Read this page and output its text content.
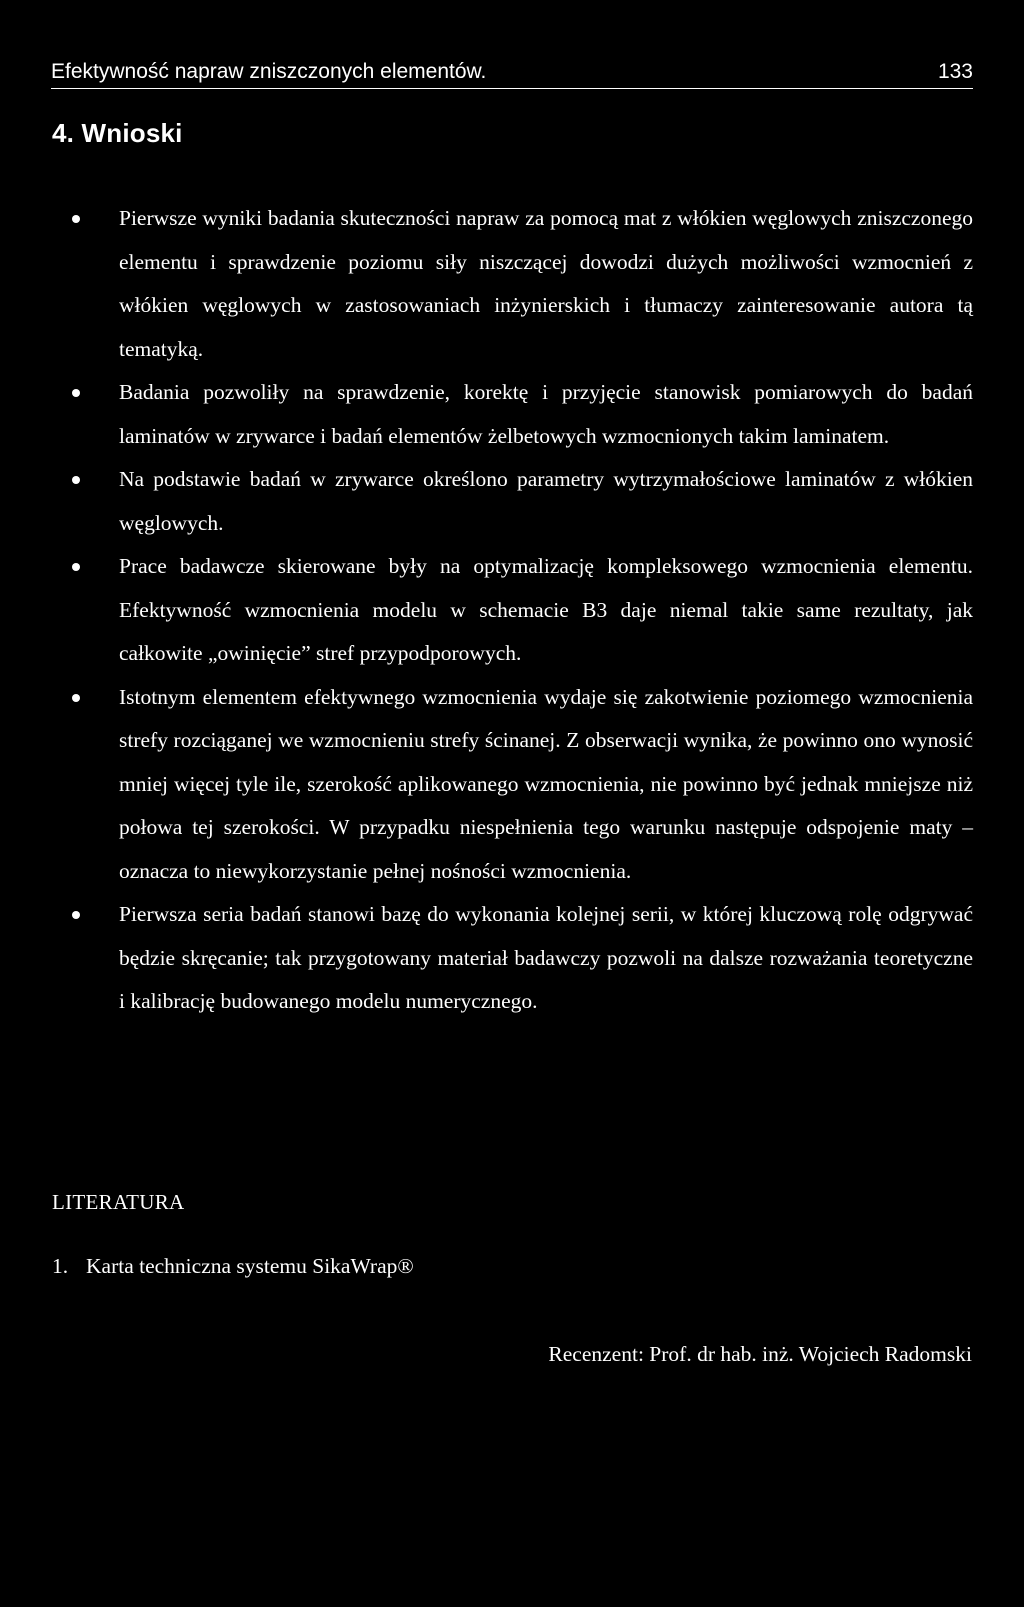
Efektywność napraw zniszczonych elementów.	133
4. Wnioski
Pierwsze wyniki badania skuteczności napraw za pomocą mat z włókien węglowych zniszczonego elementu i sprawdzenie poziomu siły niszczącej dowodzi dużych możliwości wzmocnień z włókien węglowych w zastosowaniach inżynierskich i tłumaczy zainteresowanie autora tą tematyką.
Badania pozwoliły na sprawdzenie, korektę i przyjęcie stanowisk pomiarowych do badań laminatów w zrywarce i badań elementów żelbetowych wzmocnionych takim laminatem.
Na podstawie badań w zrywarce określono parametry wytrzymałościowe laminatów z włókien węglowych.
Prace badawcze skierowane były na optymalizację kompleksowego wzmocnienia elementu. Efektywność wzmocnienia modelu w schemacie B3 daje niemal takie same rezultaty, jak całkowite „owinięcie” stref przypodporowych.
Istotnym elementem efektywnego wzmocnienia wydaje się zakotwienie poziomego wzmocnienia strefy rozciąganej we wzmocnieniu strefy ścinanej. Z obserwacji wynika, że powinno ono wynosić mniej więcej tyle ile, szerokość aplikowanego wzmocnienia, nie powinno być jednak mniejsze niż połowa tej szerokości. W przypadku niespełnienia tego warunku następuje odspojenie maty – oznacza to niewykorzystanie pełnej nośności wzmocnienia.
Pierwsza seria badań stanowi bazę do wykonania kolejnej serii, w której kluczową rolę odgrywać będzie skręcanie; tak przygotowany materiał badawczy pozwoli na dalsze rozważania teoretyczne i kalibrację budowanego modelu numerycznego.
LITERATURA
1. Karta techniczna systemu SikaWrap®
Recenzent: Prof. dr hab. inż. Wojciech Radomski
